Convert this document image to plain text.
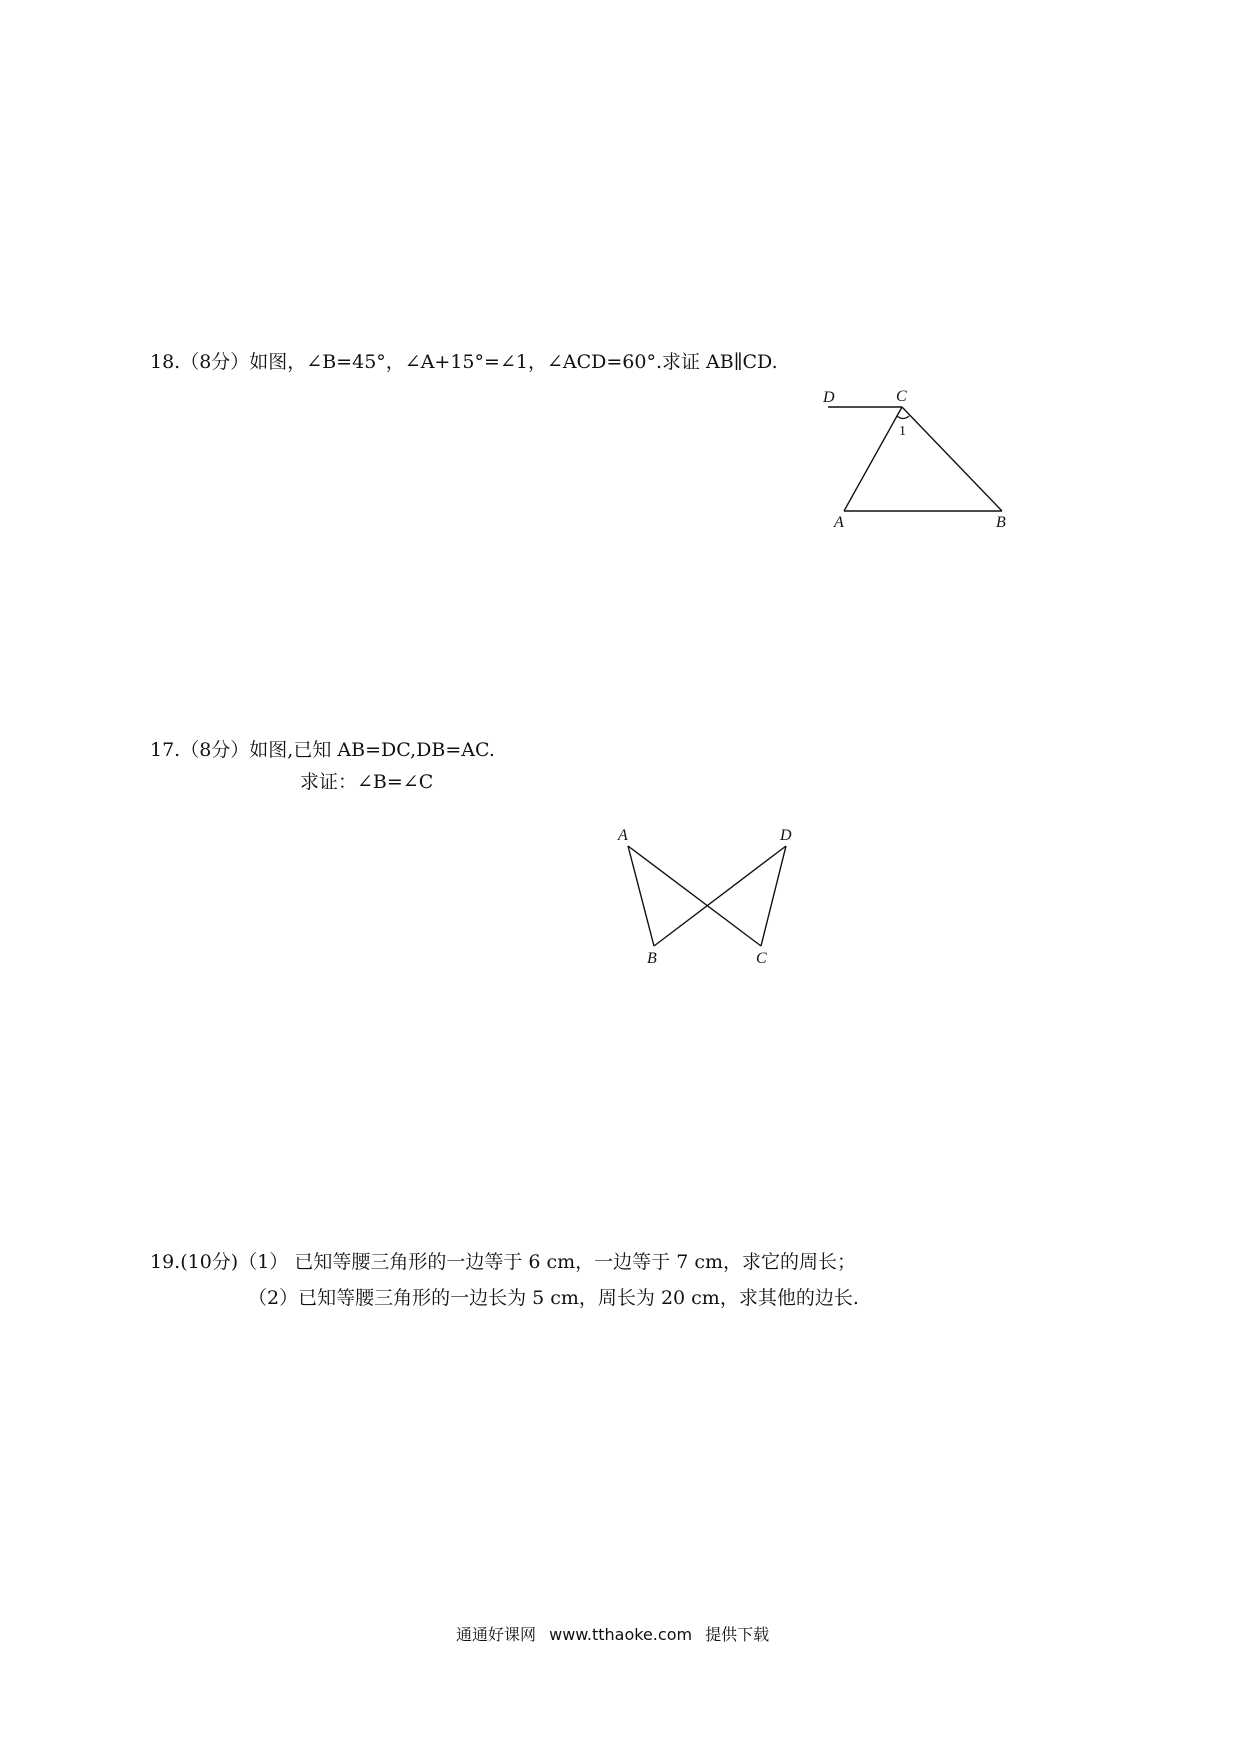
18.（8分）如图，∠B=45°，∠A+15°=∠1，∠ACD=60°.求证 AB∥CD.
D	C
1
A	B
17.（8分）如图,已知 AB=DC,DB=AC.
求证：∠B=∠C
A	D
B	C
19.(10分)（1） 已知等腰三角形的一边等于 6 cm，一边等于 7 cm，求它的周长；
（2）已知等腰三角形的一边长为 5 cm，周长为 20 cm，求其他的边长.
通通好课网 www.tthaoke.com 提供下载
